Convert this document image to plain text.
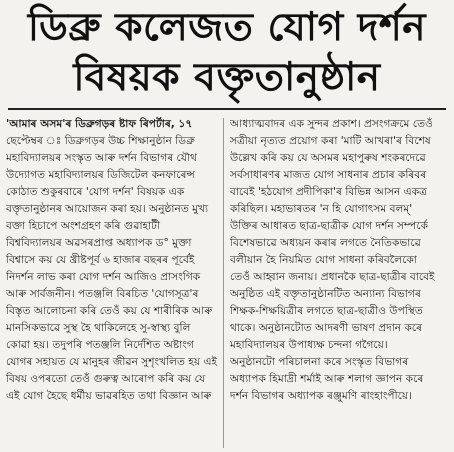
ডিব্ৰু কলেজত যোগ দৰ্শন
বিষয়ক বক্তৃতানুষ্ঠান
'আমাৰ অসম'ৰ ডিব্ৰুগড়ৰ ষ্টাফ ৰিপৰ্টাৰ, ১৭
ছেপ্টেম্বৰ ঃ ডিব্ৰুগড়ৰ উচ্চ শিক্ষানুষ্ঠান ডিব্ৰু
মহাবিদ্যালয়ৰ সংস্কৃত আৰু দৰ্শন বিভাগৰ যৌথ
উদ্যোগত মহাবিদ্যালয়ৰ ডিজিটেল কনফাৰেন্স
কোঠাত শুকুৰবাৰে 'যোগ দৰ্শন' বিষয়ক এক
বক্তৃতানুষ্ঠানৰ আয়োজন কৰা হয়। অনুষ্ঠানত মুখ্য
বক্তা হিচাপে অংশগ্ৰহণ কৰি গুৱাহাটী
বিশ্ববিদ্যালয়ৰ অৱসৰপ্ৰাপ্ত অধ্যাপক ড° মুক্তা
বিশ্বাসে কয় যে খ্ৰীষ্টপূৰ্ব ৬ হাজাৰ বছৰৰ পূৰ্বেই
নিদৰ্শন লাভ কৰা যোগ দৰ্শন আজিও প্ৰাসংগিক
আৰু সাৰ্বজনীন। পতঞ্জলি বিৰচিত 'যোগসূত্ৰ'ৰ
বিস্তৃত আলোচনা কৰি তেওঁ কয় যে শাৰীৰিক আৰু
মানসিকভাৱে সুস্থ হৈ থাকিলেহে সু-স্বাস্থ্য বুলি
কোৱা হয়। তদুপৰি পতঞ্জলি নিৰ্দেশিত অষ্টাংগ
যোগৰ সহায়ত যে মানুহৰ জীৱন সুশৃংখলিত হয় এই
বিষয় ওপৰতো তেওঁ গুৰুত্ব আৰোপ কৰি কয় যে
এই যোগ হৈছে ধৰ্মীয় ভাৱৰহিত তথা বিজ্ঞান আৰু
আধ্যাত্মবাদৰ এক সুন্দৰ প্ৰকাশ। প্ৰসংগক্ৰমে তেওঁ
সত্ৰীয়া নৃত্যত প্ৰয়োগ কৰা 'মাটি আখৰা'ৰ বিশেষ
উল্লেখ কৰি কয় যে অসমৰ মহাপুৰুষ শংকৰদেৱে
সৰ্বসাধাৰণৰ মাজত যোগ সাধনাৰ প্ৰচাৰ কৰিবৰ
বাবেই 'হঠযোগ প্ৰদীপিকা'ৰ বিভিন্ন আসন একত্ৰ
কৰিছিল। মহাভাৰতৰ 'ন হি যোগাৎসম বলম্'
উক্তিৰ আধাৰত ছাত্ৰ-ছাত্ৰীক যোগ দৰ্শন সম্পৰ্কে
বিশেষভাৱে অধ্যয়ন কৰাৰ লগতে নৈতিকভাৱে
বলীয়ান হৈ নিয়মিত যোগ সাধনা কৰিবলৈকো
তেওঁ আহ্বান জনায়। প্ৰধানকৈ ছাত্ৰ-ছাত্ৰীৰ বাবেই
অনুষ্ঠিত এই বক্তৃতানুষ্ঠানটিত অন্যান্য বিভাগৰ
শিক্ষক-শিক্ষয়িত্ৰীৰ লগতে ছাত্ৰ-ছাত্ৰীও উপস্থিত
থাকে। অনুষ্ঠানটোত আদৰণী ভাষণ প্ৰদান কৰে
মহাবিদ্যালয়ৰ উপাধ্যক্ষ চন্দনা গগৈয়ে।
অনুষ্ঠানটো পৰিচালনা কৰে সংস্কৃত বিভাগৰ
অধ্যাপক হিমাদ্ৰী শৰ্মাই আৰু শলাগ জ্ঞাপন কৰে
দৰ্শন বিভাগৰ অধ্যাপক ৰঞ্জুমণি ৰাংহাংপীয়ে।
